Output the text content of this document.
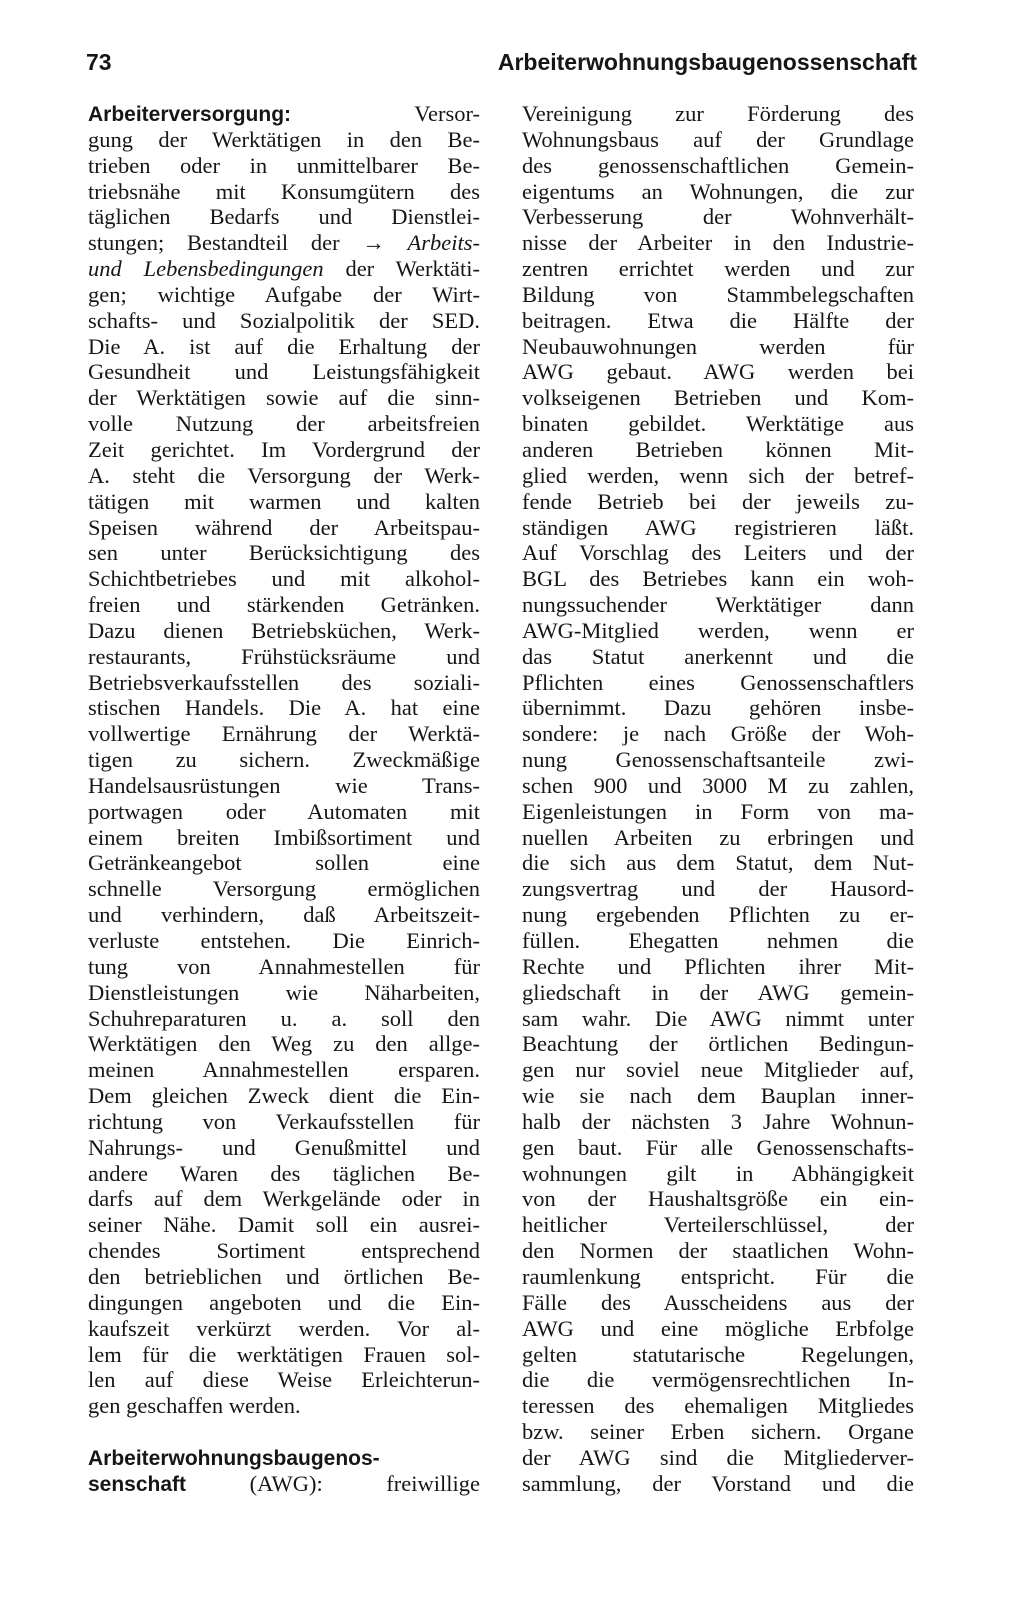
73	Arbeiterwohnungsbaugenossenschaft
Arbeiterversorgung:	Versor-
gung der Werktätigen in den Be-
trieben oder in unmittelbarer Be-
triebsnähe mit Konsumgütern des
täglichen Bedarfs und Dienstlei-
stungen; Bestandteil der → Arbeits-
und Lebensbedingungen der Werktäti-
gen; wichtige Aufgabe der Wirt-
schafts- und Sozialpolitik der SED.
Die A. ist auf die Erhaltung der
Gesundheit und Leistungsfähigkeit
der Werktätigen sowie auf die sinn-
volle Nutzung der arbeitsfreien
Zeit gerichtet. Im Vordergrund der
A. steht die Versorgung der Werk-
tätigen mit warmen und kalten
Speisen während der Arbeitspau-
sen unter Berücksichtigung des
Schichtbetriebes und mit alkohol-
freien und stärkenden Getränken.
Dazu dienen Betriebsküchen, Werk-
restaurants, Frühstücksräume und
Betriebsverkaufsstellen des soziali-
stischen Handels. Die A. hat eine
vollwertige Ernährung der Werktä-
tigen zu sichern. Zweckmäßige
Handelsausrüstungen wie Trans-
portwagen oder Automaten mit
einem breiten Imbißsortiment und
Getränkeangebot sollen eine
schnelle Versorgung ermöglichen
und verhindern, daß Arbeitszeit-
verluste entstehen. Die Einrich-
tung von Annahmestellen für
Dienstleistungen wie Näharbeiten,
Schuhreparaturen u. a. soll den
Werktätigen den Weg zu den allge-
meinen Annahmestellen ersparen.
Dem gleichen Zweck dient die Ein-
richtung von Verkaufsstellen für
Nahrungs- und Genußmittel und
andere Waren des täglichen Be-
darfs auf dem Werkgelände oder in
seiner Nähe. Damit soll ein ausrei-
chendes Sortiment entsprechend
den betrieblichen und örtlichen Be-
dingungen angeboten und die Ein-
kaufszeit verkürzt werden. Vor al-
lem für die werktätigen Frauen sol-
len auf diese Weise Erleichterun-
gen geschaffen werden.
Arbeiterwohnungsbaugenos-
senschaft	(AWG): freiwillige
Vereinigung zur Förderung des
Wohnungsbaus auf der Grundlage
des genossenschaftlichen Gemein-
eigentums an Wohnungen, die zur
Verbesserung der Wohnverhält-
nisse der Arbeiter in den Industrie-
zentren errichtet werden und zur
Bildung von Stammbelegschaften
beitragen. Etwa die Hälfte der
Neubauwohnungen werden für
AWG gebaut. AWG werden bei
volkseigenen Betrieben und Kom-
binaten gebildet. Werktätige aus
anderen Betrieben können Mit-
glied werden, wenn sich der betref-
fende Betrieb bei der jeweils zu-
ständigen AWG registrieren läßt.
Auf Vorschlag des Leiters und der
BGL des Betriebes kann ein woh-
nungssuchender Werktätiger dann
AWG-Mitglied werden, wenn er
das Statut anerkennt und die
Pflichten eines Genossenschaftlers
übernimmt. Dazu gehören insbe-
sondere: je nach Größe der Woh-
nung Genossenschaftsanteile zwi-
schen 900 und 3000 M zu zahlen,
Eigenleistungen in Form von ma-
nuellen Arbeiten zu erbringen und
die sich aus dem Statut, dem Nut-
zungsvertrag und der Hausord-
nung ergebenden Pflichten zu er-
füllen. Ehegatten nehmen die
Rechte und Pflichten ihrer Mit-
gliedschaft in der AWG gemein-
sam wahr. Die AWG nimmt unter
Beachtung der örtlichen Bedingun-
gen nur soviel neue Mitglieder auf,
wie sie nach dem Bauplan inner-
halb der nächsten 3 Jahre Wohnun-
gen baut. Für alle Genossenschafts-
wohnungen gilt in Abhängigkeit
von der Haushaltsgröße ein ein-
heitlicher Verteilerschlüssel, der
den Normen der staatlichen Wohn-
raumlenkung entspricht. Für die
Fälle des Ausscheidens aus der
AWG und eine mögliche Erbfolge
gelten statutarische Regelungen,
die die vermögensrechtlichen In-
teressen des ehemaligen Mitgliedes
bzw. seiner Erben sichern. Organe
der AWG sind die Mitgliederver-
sammlung, der Vorstand und die
